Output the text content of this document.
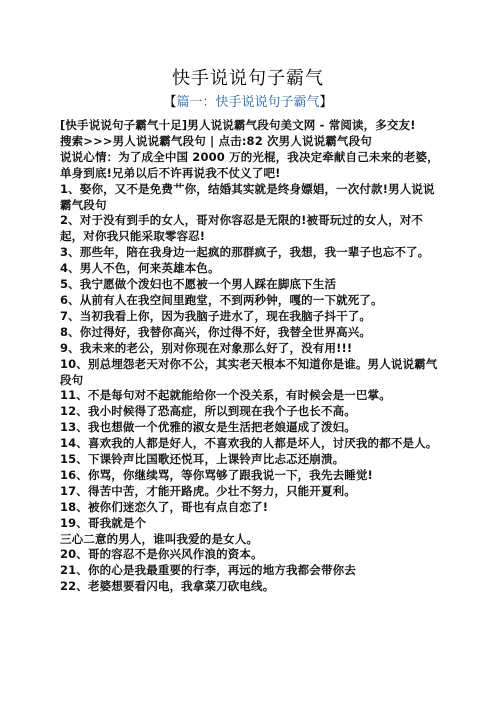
快手说说句子霸气
【篇一：快手说说句子霸气】

[快手说说句子霸气十足]男人说说霸气段句美文网 - 常阅读，多交友!

搜索>>>男人说说霸气段句 | 点击:82 次男人说说霸气段句

说说心情：为了成全中国 2000 万的光棍，我决定牵献自己未来的老婆，单身到底!兄弟以后不许再说我不仗义了吧!

1、娶你，又不是免费艹你，结婚其实就是终身嫖娼，一次付款!男人说说霸气段句

2、对于没有到手的女人，哥对你容忍是无限的!被哥玩过的女人，对不起，对你我只能采取零容忍!

3、那些年，陪在我身边一起疯的那群疯子，我想，我一辈子也忘不了。

4、男人不色，何来英雄本色。

5、我宁愿做个泼妇也不愿被一个男人踩在脚底下生活

6、从前有人在我空间里跑堂，不到两秒钟，嘎的一下就死了。

7、当初我看上你，因为我脑子进水了，现在我脑子抖干了。

8、你过得好，我替你高兴，你过得不好，我替全世界高兴。

9、我未来的老公，别对你现在对象那么好了，没有用!!!

10、别总埋怨老天对你不公，其实老天根本不知道你是谁。男人说说霸气段句

11、不是每句对不起就能给你一个没关系，有时候会是一巴掌。

12、我小时候得了恐高症，所以到现在我个子也长不高。

13、我也想做一个优雅的淑女是生活把老娘逼成了泼妇。

14、喜欢我的人都是好人，不喜欢我的人都是坏人，讨厌我的都不是人。

15、下课铃声比国歌还悦耳，上课铃声比忐忑还崩溃。

16、你骂，你继续骂，等你骂够了跟我说一下，我先去睡觉!

17、得苦中苦，才能开路虎。少壮不努力，只能开夏利。

18、被你们迷恋久了，哥也有点自恋了!

19、哥我就是个

三心二意的男人，谁叫我爱的是女人。

20、哥的容忍不是你兴风作浪的资本。

21、你的心是我最重要的行李，再远的地方我都会带你去

22、老婆想要看闪电，我拿菜刀砍电线。
